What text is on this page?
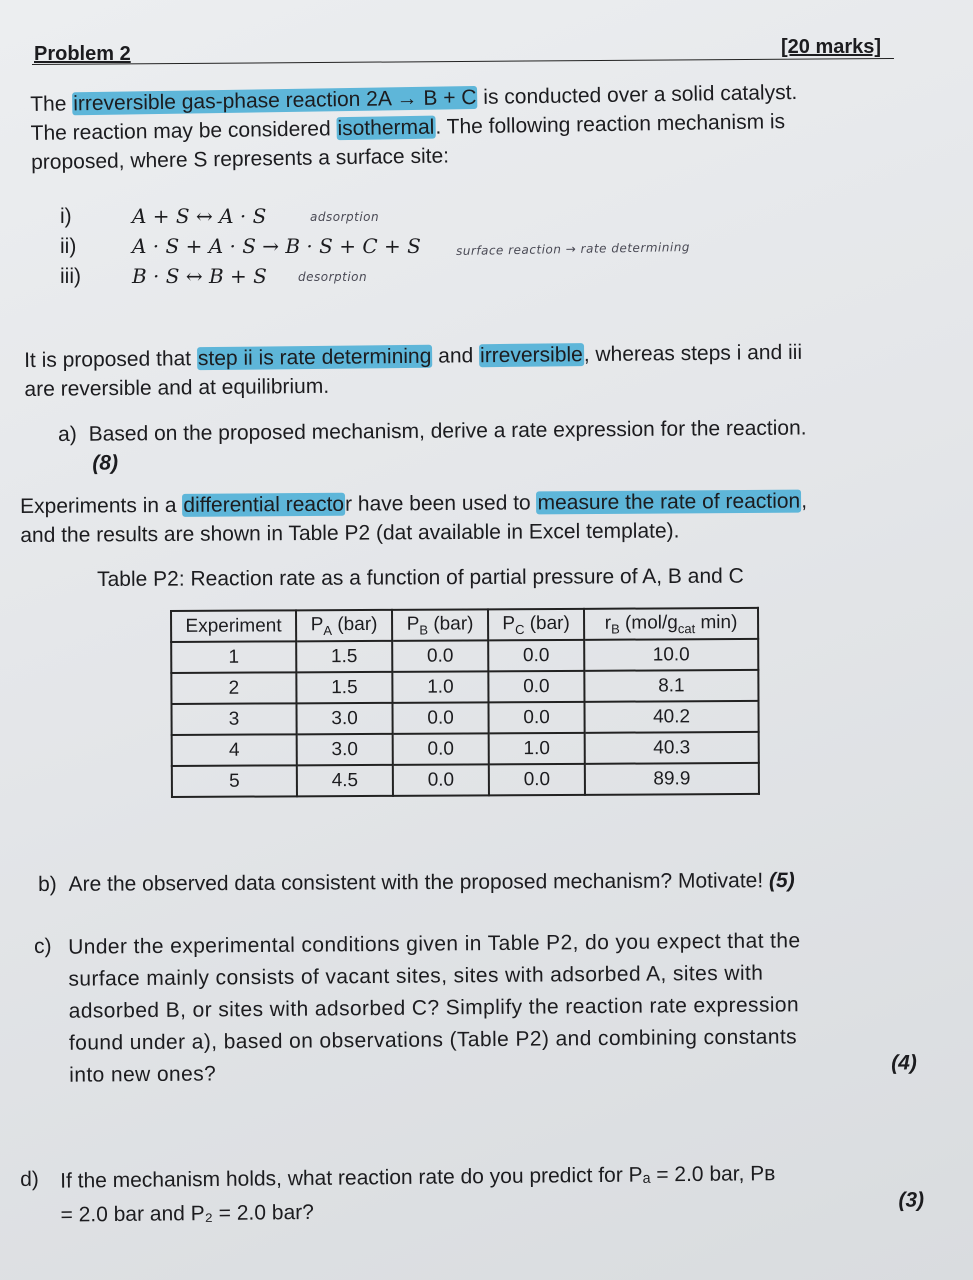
Problem 2	[20 marks]
The irreversible gas-phase reaction 2A → B + C is conducted over a solid catalyst.
The reaction may be considered isothermal. The following reaction mechanism is
proposed, where S represents a surface site:
i)	A + S ↔ A · S	adsorption
ii)	A · S + A · S → B · S + C + S	surface reaction → rate determining
iii)	B · S ↔ B + S	desorption
It is proposed that step ii is rate determining and irreversible, whereas steps i and iii
are reversible and at equilibrium.
a) Based on the proposed mechanism, derive a rate expression for the reaction.
(8)
Experiments in a differential reactor have been used to measure the rate of reaction,
and the results are shown in Table P2 (dat available in Excel template).
Table P2: Reaction rate as a function of partial pressure of A, B and C
Experiment	$P_A$ (bar)	$P_B$ (bar)	$P_C$ (bar)	$r_B$ ($mol/g_{cat}$ min)
1	1.5	0.0	0.0	10.0
2	1.5	1.0	0.0	8.1
3	3.0	0.0	0.0	40.2
4	3.0	0.0	1.0	40.3
5	4.5	0.0	0.0	89.9
b) Are the observed data consistent with the proposed mechanism? Motivate! (5)
c) Under the experimental conditions given in Table P2, do you expect that the
surface mainly consists of vacant sites, sites with adsorbed A, sites with
adsorbed B, or sites with adsorbed C? Simplify the reaction rate expression
found under a), based on observations (Table P2) and combining constants
into new ones?	(4)
d) If the mechanism holds, what reaction rate do you predict for Pₐ = 2.0 bar, Pʙ
= 2.0 bar and P₂ = 2.0 bar?
(3)
